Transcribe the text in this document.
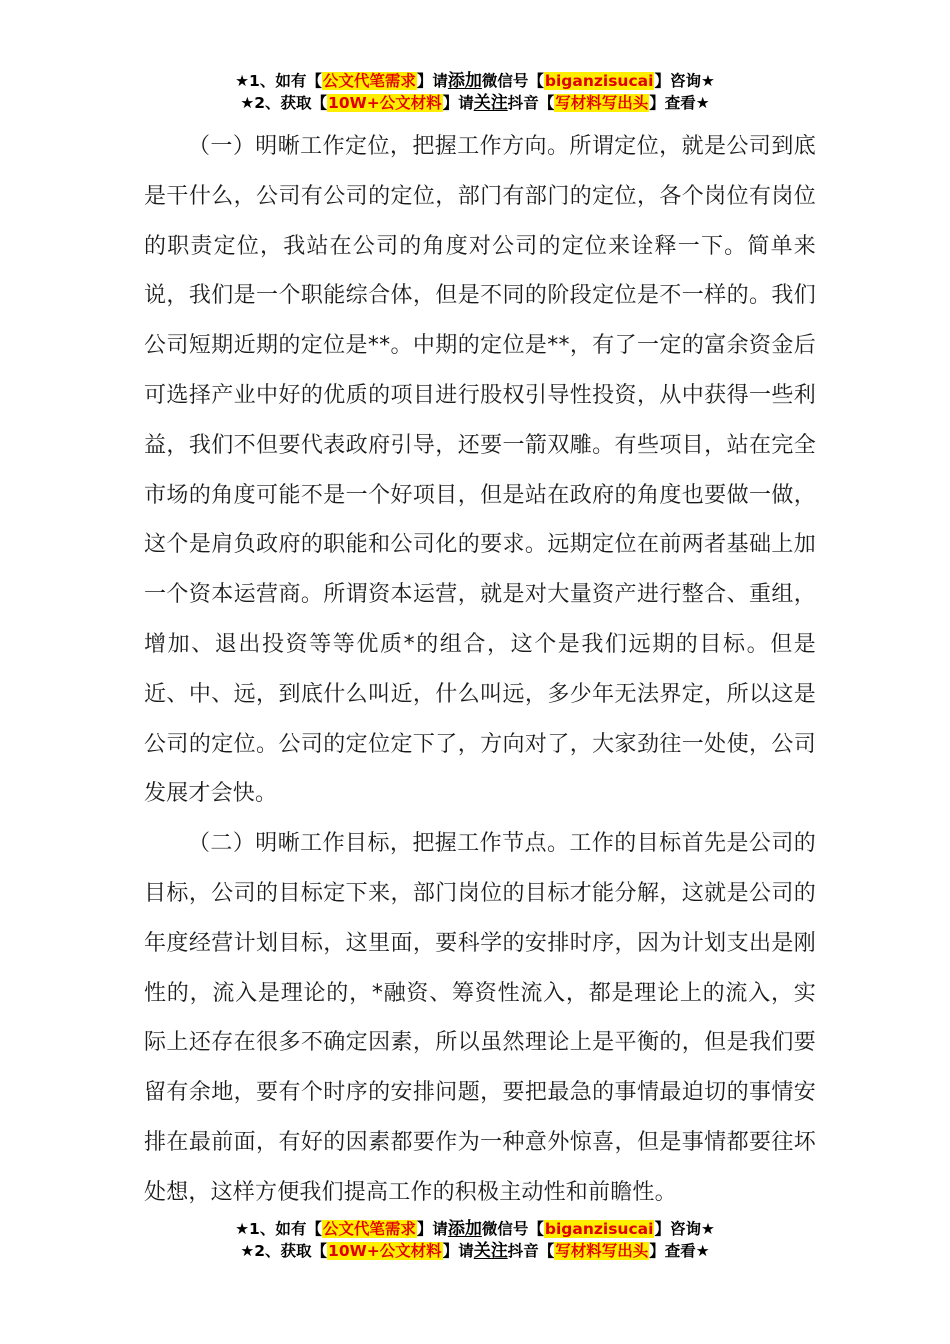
★1、如有【公文代笔需求】请添加微信号【biganzisucai】咨询★
★2、获取【10W+公文材料】请关注抖音【写材料写出头】查看★

（一）明晰工作定位，把握工作方向。所谓定位，就是公司到底是干什么，公司有公司的定位，部门有部门的定位，各个岗位有岗位的职责定位，我站在公司的角度对公司的定位来诠释一下。简单来说，我们是一个职能综合体，但是不同的阶段定位是不一样的。我们公司短期近期的定位是**。中期的定位是**，有了一定的富余资金后可选择产业中好的优质的项目进行股权引导性投资，从中获得一些利益，我们不但要代表政府引导，还要一箭双雕。有些项目，站在完全市场的角度可能不是一个好项目，但是站在政府的角度也要做一做，这个是肩负政府的职能和公司化的要求。远期定位在前两者基础上加一个资本运营商。所谓资本运营，就是对大量资产进行整合、重组，增加、退出投资等等优质*的组合，这个是我们远期的目标。但是近、中、远，到底什么叫近，什么叫远，多少年无法界定，所以这是公司的定位。公司的定位定下了，方向对了，大家劲往一处使，公司发展才会快。

（二）明晰工作目标，把握工作节点。工作的目标首先是公司的目标，公司的目标定下来，部门岗位的目标才能分解，这就是公司的年度经营计划目标，这里面，要科学的安排时序，因为计划支出是刚性的，流入是理论的，*融资、筹资性流入，都是理论上的流入，实际上还存在很多不确定因素，所以虽然理论上是平衡的，但是我们要留有余地，要有个时序的安排问题，要把最急的事情最迫切的事情安排在最前面，有好的因素都要作为一种意外惊喜，但是事情都要往坏处想，这样方便我们提高工作的积极主动性和前瞻性。

★1、如有【公文代笔需求】请添加微信号【biganzisucai】咨询★
★2、获取【10W+公文材料】请关注抖音【写材料写出头】查看★
